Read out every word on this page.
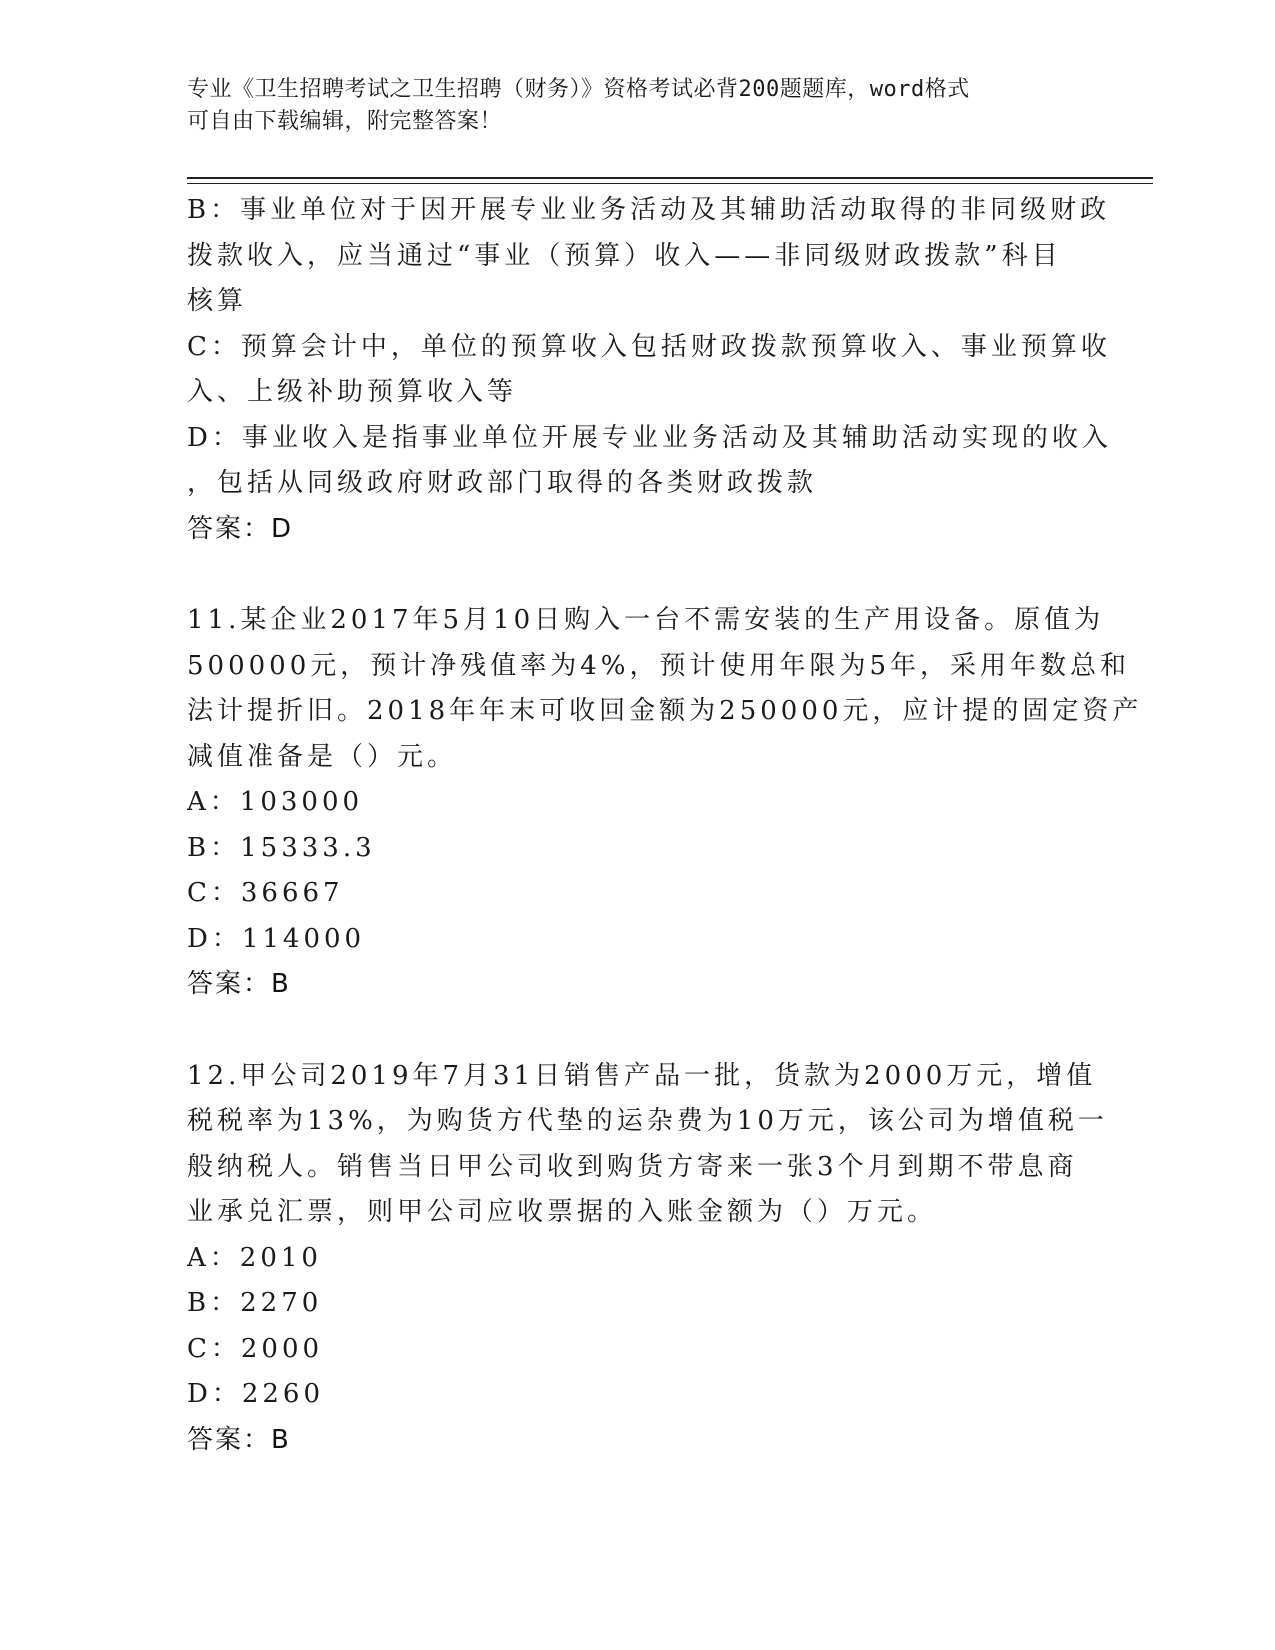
专业《卫生招聘考试之卫生招聘（财务）》资格考试必背200题题库，word格式
可自由下载编辑，附完整答案！
B：事业单位对于因开展专业业务活动及其辅助活动取得的非同级财政
拨款收入，应当通过“事业（预算）收入——非同级财政拨款”科目
核算
C：预算会计中，单位的预算收入包括财政拨款预算收入、事业预算收
入、上级补助预算收入等
D：事业收入是指事业单位开展专业业务活动及其辅助活动实现的收入
，包括从同级政府财政部门取得的各类财政拨款
答案：D
11.某企业2017年5月10日购入一台不需安装的生产用设备。原值为
500000元，预计净残值率为4%，预计使用年限为5年，采用年数总和
法计提折旧。2018年年末可收回金额为250000元，应计提的固定资产
减值准备是（）元。
A：103000
B：15333.3
C：36667
D：114000
答案：B
12.甲公司2019年7月31日销售产品一批，货款为2000万元，增值
税税率为13%，为购货方代垫的运杂费为10万元，该公司为增值税一
般纳税人。销售当日甲公司收到购货方寄来一张3个月到期不带息商
业承兑汇票，则甲公司应收票据的入账金额为（）万元。
A：2010
B：2270
C：2000
D：2260
答案：B
